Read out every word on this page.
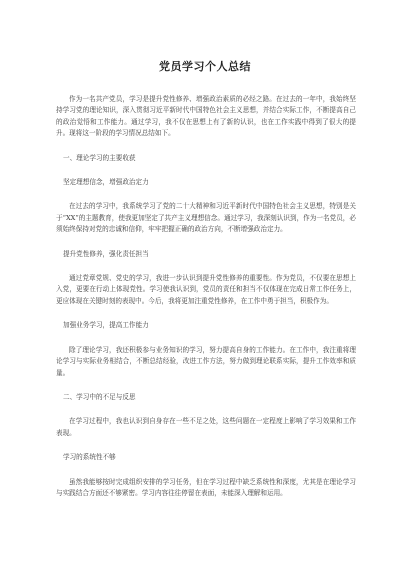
党员学习个人总结

作为一名共产党员，学习是提升党性修养、增强政治素质的必经之路。在过去的一年中，我始终坚持学习党的理论知识，深入贯彻习近平新时代中国特色社会主义思想，并结合实际工作，不断提高自己的政治觉悟和工作能力。通过学习，我不仅在思想上有了新的认识，也在工作实践中得到了很大的提升。现将这一阶段的学习情况总结如下。

一、理论学习的主要收获

坚定理想信念，增强政治定力

在过去的学习中，我系统学习了党的二十大精神和习近平新时代中国特色社会主义思想，特别是关于“XX”的主题教育，使我更加坚定了共产主义理想信念。通过学习，我深刻认识到，作为一名党员，必须始终保持对党的忠诚和信仰，牢牢把握正确的政治方向，不断增强政治定力。

提升党性修养，强化责任担当

通过党章党规、党史的学习，我进一步认识到提升党性修养的重要性。作为党员，不仅要在思想上入党，更要在行动上体现党性。学习使我认识到，党员的责任和担当不仅体现在完成日常工作任务上，更应体现在关键时刻的表现中。今后，我将更加注重党性修养，在工作中勇于担当，积极作为。

加强业务学习，提高工作能力

除了理论学习，我还积极参与业务知识的学习，努力提高自身的工作能力。在工作中，我注重将理论学习与实际业务相结合，不断总结经验，改进工作方法，努力做到理论联系实际，提升工作效率和质量。

二、学习中的不足与反思

在学习过程中，我也认识到自身存在一些不足之处，这些问题在一定程度上影响了学习效果和工作表现。

学习的系统性不够

虽然我能够按时完成组织安排的学习任务，但在学习过程中缺乏系统性和深度，尤其是在理论学习与实践结合方面还不够紧密。学习内容往往停留在表面，未能深入理解和运用。
